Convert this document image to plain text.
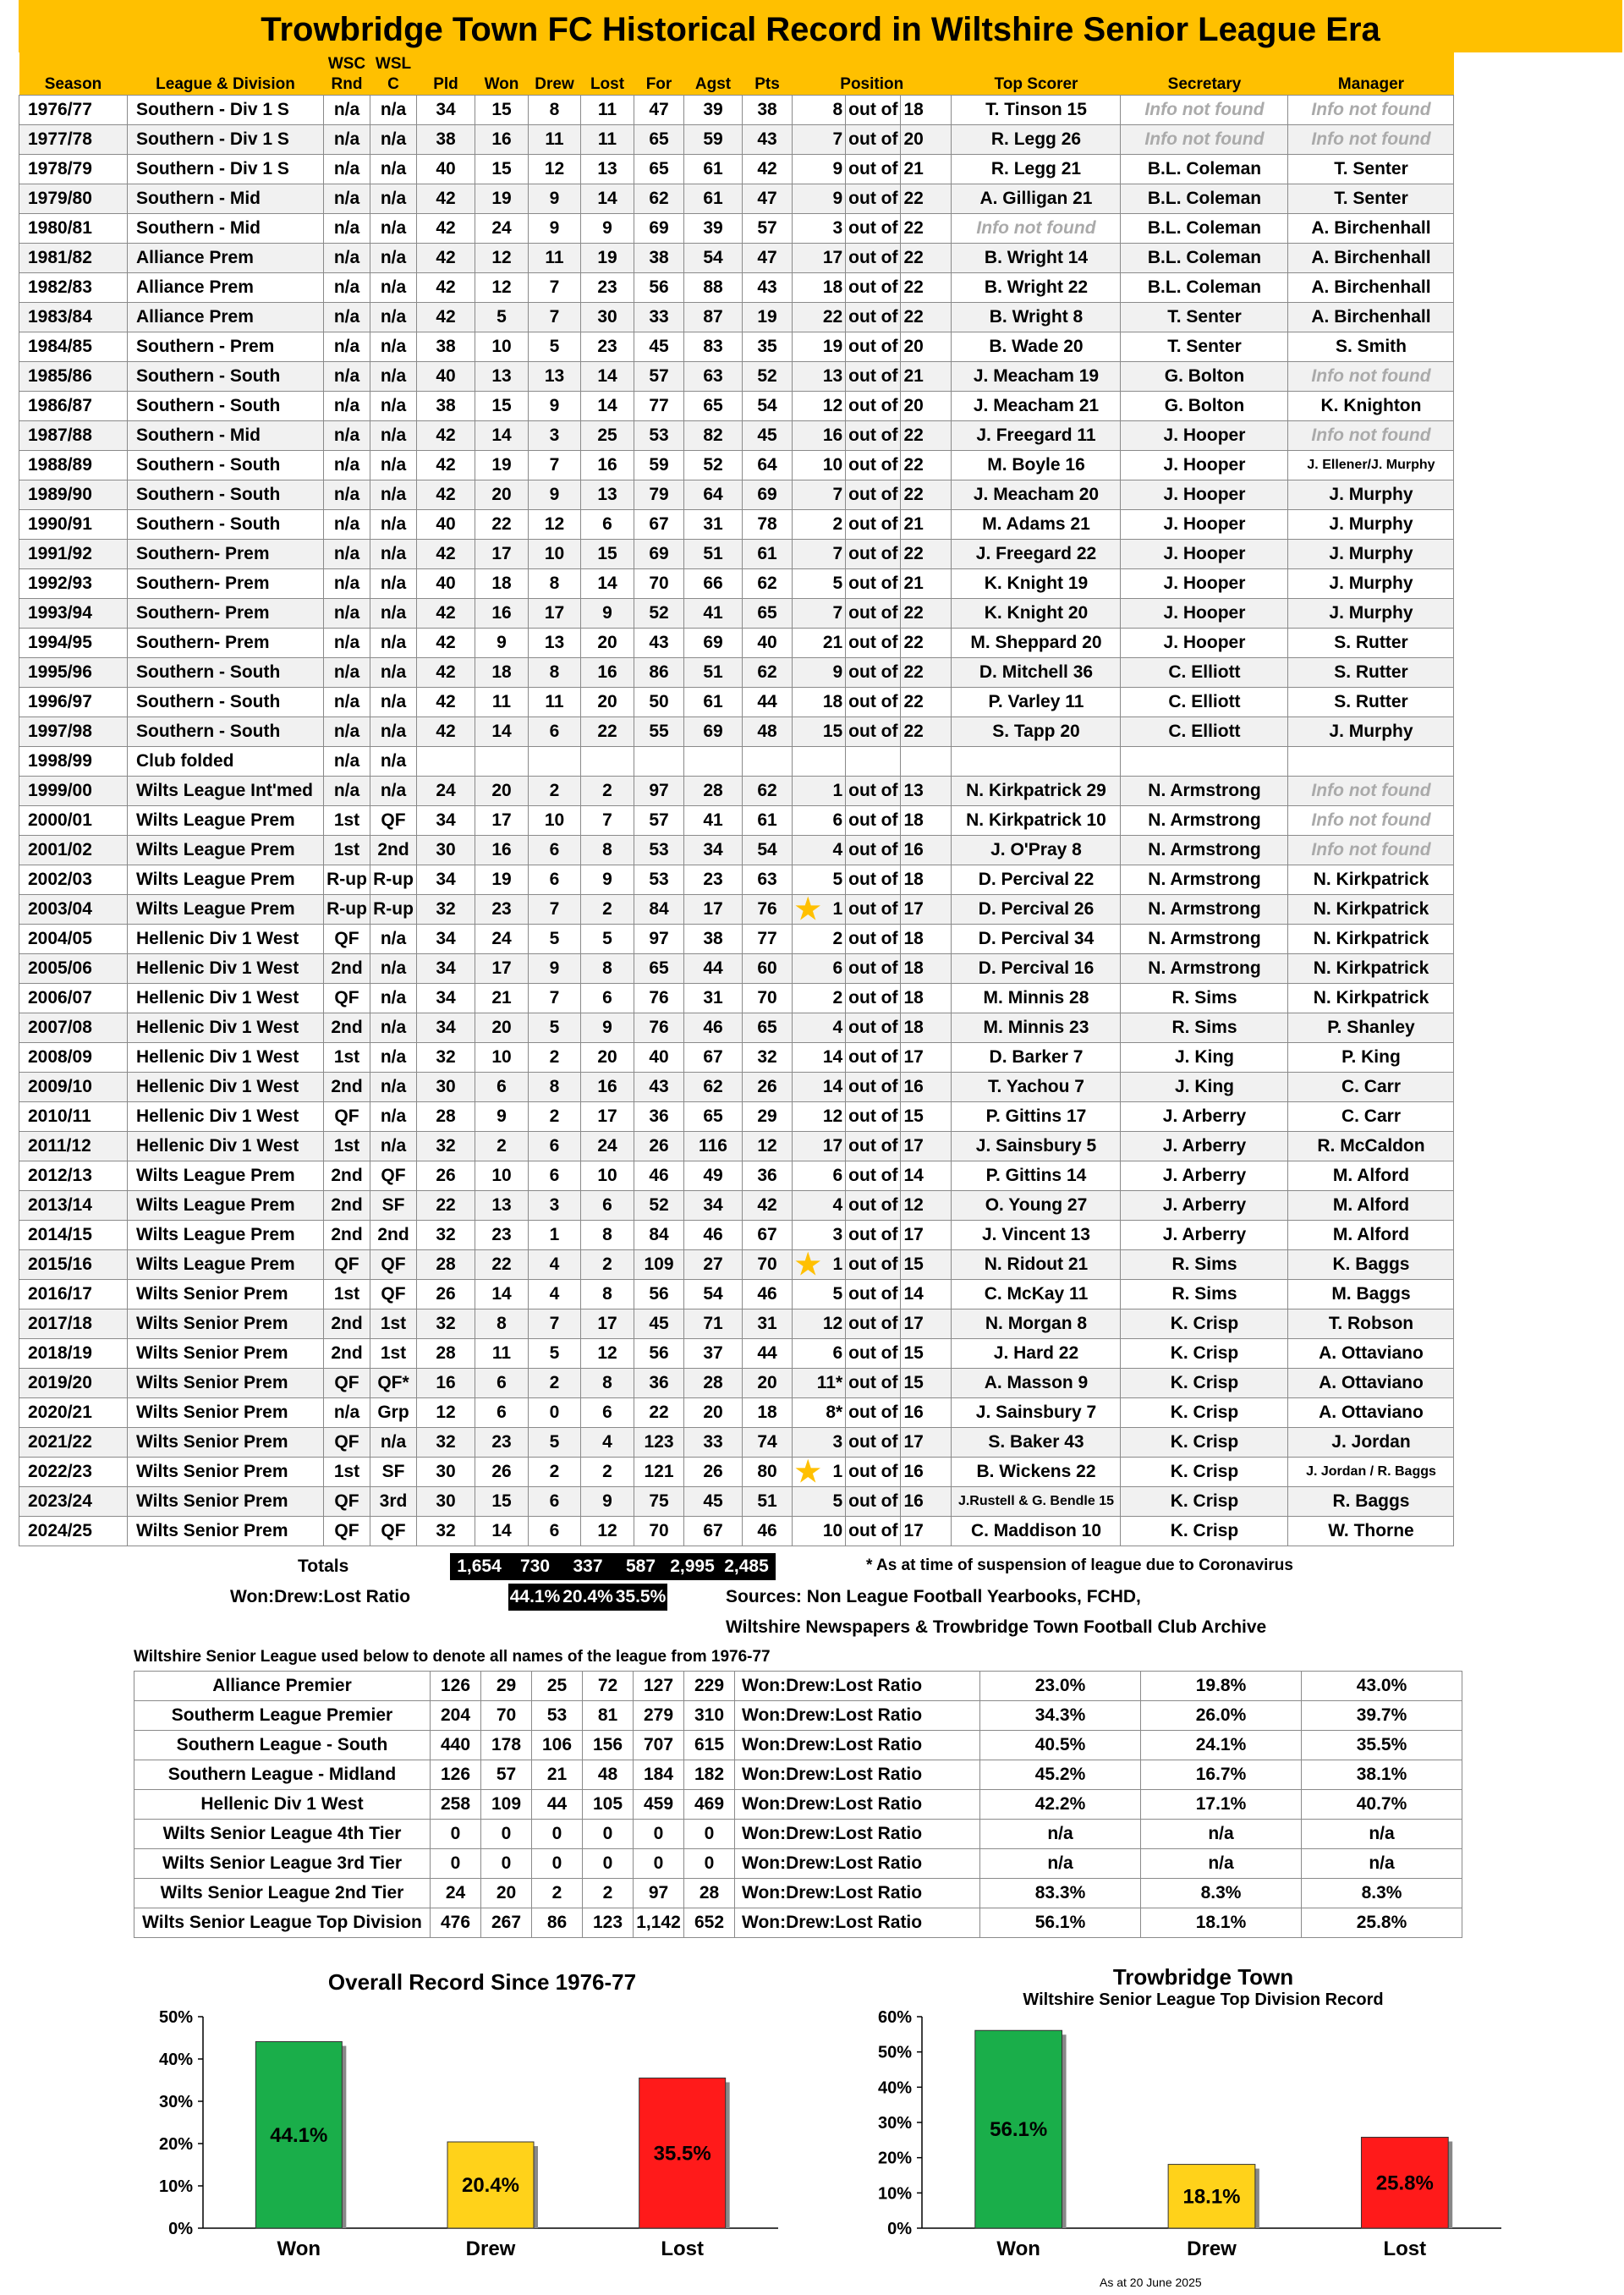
Trowbridge Town FC Historical Record in Wiltshire Senior League Era
Season	League & Division	WSC Rnd	WSL C	Pld	Won	Drew	Lost	For	Agst	Pts	Position			Top Scorer	Secretary	Manager
1976/77	Southern - Div 1 S	n/a	n/a	34	15	8	11	47	39	38	8	out of	18	T. Tinson 15	Info not found	Info not found
1977/78	Southern - Div 1 S	n/a	n/a	38	16	11	11	65	59	43	7	out of	20	R. Legg 26	Info not found	Info not found
1978/79	Southern - Div 1 S	n/a	n/a	40	15	12	13	65	61	42	9	out of	21	R. Legg 21	B.L. Coleman	T. Senter
1979/80	Southern - Mid	n/a	n/a	42	19	9	14	62	61	47	9	out of	22	A. Gilligan 21	B.L. Coleman	T. Senter
1980/81	Southern - Mid	n/a	n/a	42	24	9	9	69	39	57	3	out of	22	Info not found	B.L. Coleman	A. Birchenhall
1981/82	Alliance Prem	n/a	n/a	42	12	11	19	38	54	47	17	out of	22	B. Wright 14	B.L. Coleman	A. Birchenhall
1982/83	Alliance Prem	n/a	n/a	42	12	7	23	56	88	43	18	out of	22	B. Wright 22	B.L. Coleman	A. Birchenhall
1983/84	Alliance Prem	n/a	n/a	42	5	7	30	33	87	19	22	out of	22	B. Wright 8	T. Senter	A. Birchenhall
1984/85	Southern - Prem	n/a	n/a	38	10	5	23	45	83	35	19	out of	20	B. Wade 20	T. Senter	S. Smith
1985/86	Southern - South	n/a	n/a	40	13	13	14	57	63	52	13	out of	21	J. Meacham 19	G. Bolton	Info not found
1986/87	Southern - South	n/a	n/a	38	15	9	14	77	65	54	12	out of	20	J. Meacham 21	G. Bolton	K. Knighton
1987/88	Southern - Mid	n/a	n/a	42	14	3	25	53	82	45	16	out of	22	J. Freegard 11	J. Hooper	Info not found
1988/89	Southern - South	n/a	n/a	42	19	7	16	59	52	64	10	out of	22	M. Boyle 16	J. Hooper	J. Ellener/J. Murphy
1989/90	Southern - South	n/a	n/a	42	20	9	13	79	64	69	7	out of	22	J. Meacham 20	J. Hooper	J. Murphy
1990/91	Southern - South	n/a	n/a	40	22	12	6	67	31	78	2	out of	21	M. Adams 21	J. Hooper	J. Murphy
1991/92	Southern- Prem	n/a	n/a	42	17	10	15	69	51	61	7	out of	22	J. Freegard 22	J. Hooper	J. Murphy
1992/93	Southern- Prem	n/a	n/a	40	18	8	14	70	66	62	5	out of	21	K. Knight 19	J. Hooper	J. Murphy
1993/94	Southern- Prem	n/a	n/a	42	16	17	9	52	41	65	7	out of	22	K. Knight 20	J. Hooper	J. Murphy
1994/95	Southern- Prem	n/a	n/a	42	9	13	20	43	69	40	21	out of	22	M. Sheppard 20	J. Hooper	S. Rutter
1995/96	Southern - South	n/a	n/a	42	18	8	16	86	51	62	9	out of	22	D. Mitchell 36	C. Elliott	S. Rutter
1996/97	Southern - South	n/a	n/a	42	11	11	20	50	61	44	18	out of	22	P. Varley 11	C. Elliott	S. Rutter
1997/98	Southern - South	n/a	n/a	42	14	6	22	55	69	48	15	out of	22	S. Tapp 20	C. Elliott	J. Murphy
1998/99	Club folded	n/a	n/a													
1999/00	Wilts League Int'med	n/a	n/a	24	20	2	2	97	28	62	1	out of	13	N. Kirkpatrick 29	N. Armstrong	Info not found
2000/01	Wilts League Prem	1st	QF	34	17	10	7	57	41	61	6	out of	18	N. Kirkpatrick 10	N. Armstrong	Info not found
2001/02	Wilts League Prem	1st	2nd	30	16	6	8	53	34	54	4	out of	16	J. O'Pray 8	N. Armstrong	Info not found
2002/03	Wilts League Prem	R-up	R-up	34	19	6	9	53	23	63	5	out of	18	D. Percival 22	N. Armstrong	N. Kirkpatrick
2003/04	Wilts League Prem	R-up	R-up	32	23	7	2	84	17	76	★ 1	out of	17	D. Percival 26	N. Armstrong	N. Kirkpatrick
2004/05	Hellenic Div 1 West	QF	n/a	34	24	5	5	97	38	77	2	out of	18	D. Percival 34	N. Armstrong	N. Kirkpatrick
2005/06	Hellenic Div 1 West	2nd	n/a	34	17	9	8	65	44	60	6	out of	18	D. Percival 16	N. Armstrong	N. Kirkpatrick
2006/07	Hellenic Div 1 West	QF	n/a	34	21	7	6	76	31	70	2	out of	18	M. Minnis 28	R. Sims	N. Kirkpatrick
2007/08	Hellenic Div 1 West	2nd	n/a	34	20	5	9	76	46	65	4	out of	18	M. Minnis 23	R. Sims	P. Shanley
2008/09	Hellenic Div 1 West	1st	n/a	32	10	2	20	40	67	32	14	out of	17	D. Barker 7	J. King	P. King
2009/10	Hellenic Div 1 West	2nd	n/a	30	6	8	16	43	62	26	14	out of	16	T. Yachou 7	J. King	C. Carr
2010/11	Hellenic Div 1 West	QF	n/a	28	9	2	17	36	65	29	12	out of	15	P. Gittins 17	J. Arberry	C. Carr
2011/12	Hellenic Div 1 West	1st	n/a	32	2	6	24	26	116	12	17	out of	17	J. Sainsbury 5	J. Arberry	R. McCaldon
2012/13	Wilts League Prem	2nd	QF	26	10	6	10	46	49	36	6	out of	14	P. Gittins 14	J. Arberry	M. Alford
2013/14	Wilts League Prem	2nd	SF	22	13	3	6	52	34	42	4	out of	12	O. Young 27	J. Arberry	M. Alford
2014/15	Wilts League Prem	2nd	2nd	32	23	1	8	84	46	67	3	out of	17	J. Vincent 13	J. Arberry	M. Alford
2015/16	Wilts League Prem	QF	QF	28	22	4	2	109	27	70	★ 1	out of	15	N. Ridout 21	R. Sims	K. Baggs
2016/17	Wilts Senior Prem	1st	QF	26	14	4	8	56	54	46	5	out of	14	C. McKay 11	R. Sims	M. Baggs
2017/18	Wilts Senior Prem	2nd	1st	32	8	7	17	45	71	31	12	out of	17	N. Morgan 8	K. Crisp	T. Robson
2018/19	Wilts Senior Prem	2nd	1st	28	11	5	12	56	37	44	6	out of	15	J. Hard 22	K. Crisp	A. Ottaviano
2019/20	Wilts Senior Prem	QF	QF*	16	6	2	8	36	28	20	11*	out of	15	A. Masson 9	K. Crisp	A. Ottaviano
2020/21	Wilts Senior Prem	n/a	Grp	12	6	0	6	22	20	18	8*	out of	16	J. Sainsbury 7	K. Crisp	A. Ottaviano
2021/22	Wilts Senior Prem	QF	n/a	32	23	5	4	123	33	74	3	out of	17	S. Baker 43	K. Crisp	J. Jordan
2022/23	Wilts Senior Prem	1st	SF	30	26	2	2	121	26	80	★ 1	out of	16	B. Wickens 22	K. Crisp	J. Jordan / R. Baggs
2023/24	Wilts Senior Prem	QF	3rd	30	15	6	9	75	45	51	5	out of	16	J.Rustell & G. Bendle 15	K. Crisp	R. Baggs
2024/25	Wilts Senior Prem	QF	QF	32	14	6	12	70	67	46	10	out of	17	C. Maddison 10	K. Crisp	W. Thorne
Totals	1,654	730	337	587 2,995 2,485	* As at time of suspension of league due to Coronavirus
Won:Drew:Lost Ratio	44.1% 20.4% 35.5%	Sources: Non League Football Yearbooks, FCHD,
Wiltshire Newspapers & Trowbridge Town Football Club Archive
Wiltshire Senior League used below to denote all names of the league from 1976-77
Alliance Premier	126	29	25	72	127	229	Won:Drew:Lost Ratio	23.0%	19.8%	43.0%
Southerm League Premier	204	70	53	81	279	310	Won:Drew:Lost Ratio	34.3%	26.0%	39.7%
Southern League - South	440	178	106	156	707	615	Won:Drew:Lost Ratio	40.5%	24.1%	35.5%
Southern League - Midland	126	57	21	48	184	182	Won:Drew:Lost Ratio	45.2%	16.7%	38.1%
Hellenic Div 1 West	258	109	44	105	459	469	Won:Drew:Lost Ratio	42.2%	17.1%	40.7%
Wilts Senior League 4th Tier	0	0	0	0	0	0	Won:Drew:Lost Ratio	n/a	n/a	n/a
Wilts Senior League 3rd Tier	0	0	0	0	0	0	Won:Drew:Lost Ratio	n/a	n/a	n/a
Wilts Senior League 2nd Tier	24	20	2	2	97	28	Won:Drew:Lost Ratio	83.3%	8.3%	8.3%
Wilts Senior League Top Division	476	267	86	123	1,142	652	Won:Drew:Lost Ratio	56.1%	18.1%	25.8%
Overall Record Since 1976-77
0%
10%
20%
30%
40%
50%
44.1%
Won
20.4%
Drew
35.5%
Lost
Trowbridge Town
Wiltshire Senior League Top Division Record
0%
10%
20%
30%
40%
50%
60%
56.1%
Won
18.1%
Drew
25.8%
Lost
As at 20 June 2025
